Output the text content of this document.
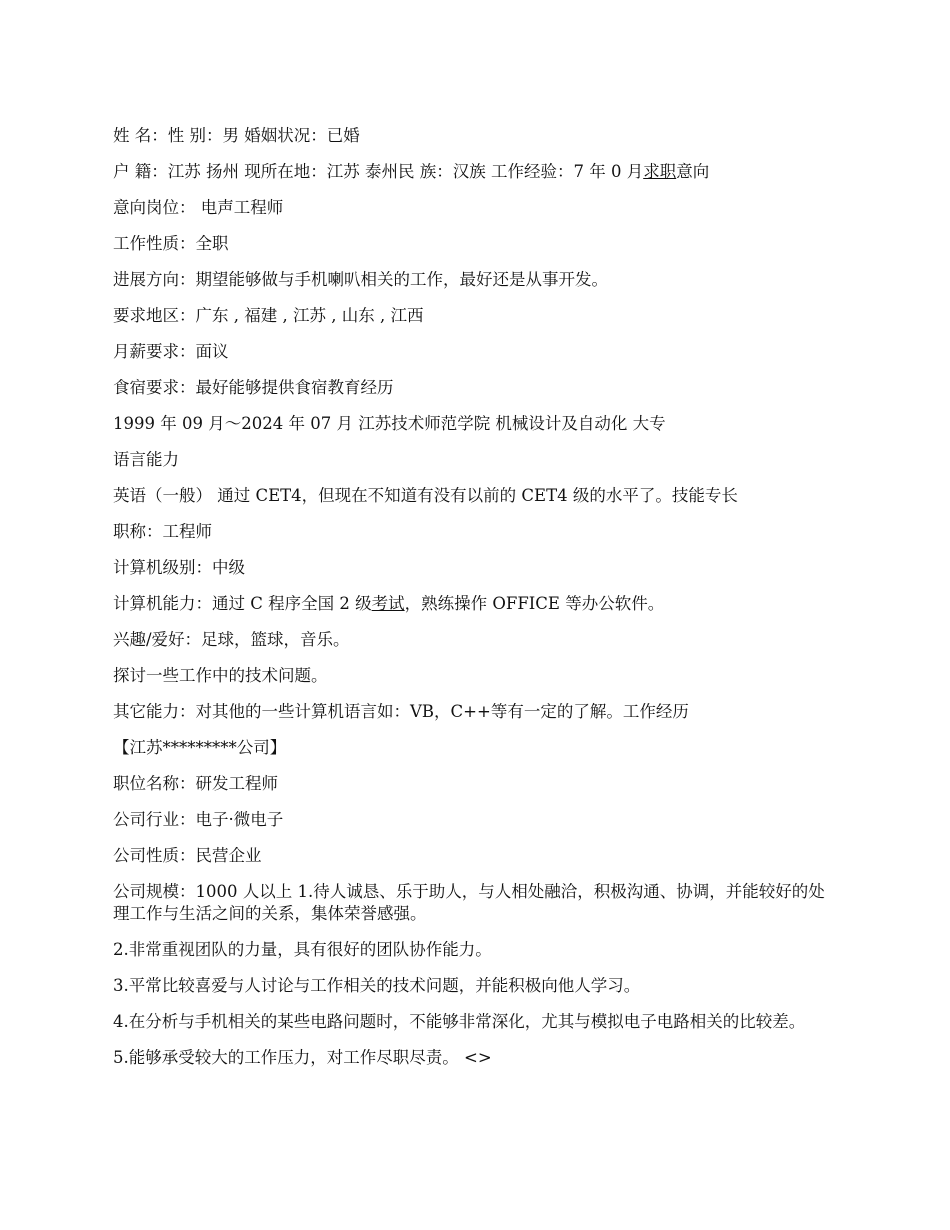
姓 名：性 别：男 婚姻状况：已婚

户 籍：江苏 扬州 现所在地：江苏 泰州民 族：汉族 工作经验：7 年 0 月求职意向

意向岗位： 电声工程师

工作性质：全职

进展方向：期望能够做与手机喇叭相关的工作，最好还是从事开发。

要求地区：广东 , 福建 , 江苏 , 山东 , 江西

月薪要求：面议

食宿要求：最好能够提供食宿教育经历

1999 年 09 月～2024 年 07 月 江苏技术师范学院 机械设计及自动化 大专

语言能力

英语（一般） 通过 CET4，但现在不知道有没有以前的 CET4 级的水平了。技能专长

职称：工程师

计算机级别：中级

计算机能力：通过 C 程序全国 2 级考试，熟练操作 OFFICE 等办公软件。

兴趣/爱好：足球，篮球，音乐。

探讨一些工作中的技术问题。

其它能力：对其他的一些计算机语言如：VB，C++等有一定的了解。工作经历

【江苏*********公司】

职位名称：研发工程师

公司行业：电子·微电子

公司性质：民营企业

公司规模：1000 人以上 1.待人诚恳、乐于助人，与人相处融洽，积极沟通、协调，并能较好的处理工作与生活之间的关系，集体荣誉感强。

2.非常重视团队的力量，具有很好的团队协作能力。

3.平常比较喜爱与人讨论与工作相关的技术问题，并能积极向他人学习。

4.在分析与手机相关的某些电路问题时，不能够非常深化，尤其与模拟电子电路相关的比较差。

5.能够承受较大的工作压力，对工作尽职尽责。 <>
